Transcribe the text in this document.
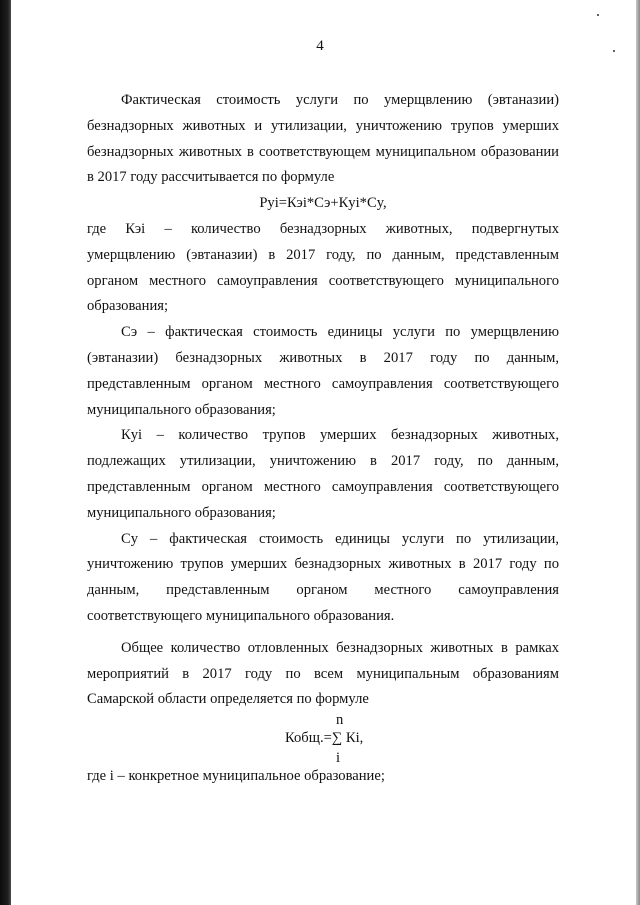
4
Фактическая стоимость услуги по умерщвлению (эвтаназии)
безнадзорных животных и утилизации, уничтожению трупов умерших
безнадзорных животных в соответствующем муниципальном образовании
в 2017 году рассчитывается по формуле
Руi=Кэi*Сэ+Кyi*Сy,
где Кэi – количество безнадзорных животных, подвергнутых
умерщвлению (эвтаназии) в 2017 году, по данным, представленным
органом местного самоуправления соответствующего муниципального
образования;
Сэ – фактическая стоимость единицы услуги по умерщвлению
(эвтаназии) безнадзорных животных в 2017 году по данным,
представленным органом местного самоуправления соответствующего
муниципального образования;
Кyi – количество трупов умерших безнадзорных животных,
подлежащих утилизации, уничтожению в 2017 году, по данным,
представленным органом местного самоуправления соответствующего
муниципального образования;
Сy – фактическая стоимость единицы услуги по утилизации,
уничтожению трупов умерших безнадзорных животных в 2017 году по
данным, представленным органом местного самоуправления
соответствующего муниципального образования.
Общее количество отловленных безнадзорных животных в рамках
мероприятий в 2017 году по всем муниципальным образованиям
Самарской области определяется по формуле
n
Кобщ.=∑ Кi,
i
где i – конкретное муниципальное образование;
